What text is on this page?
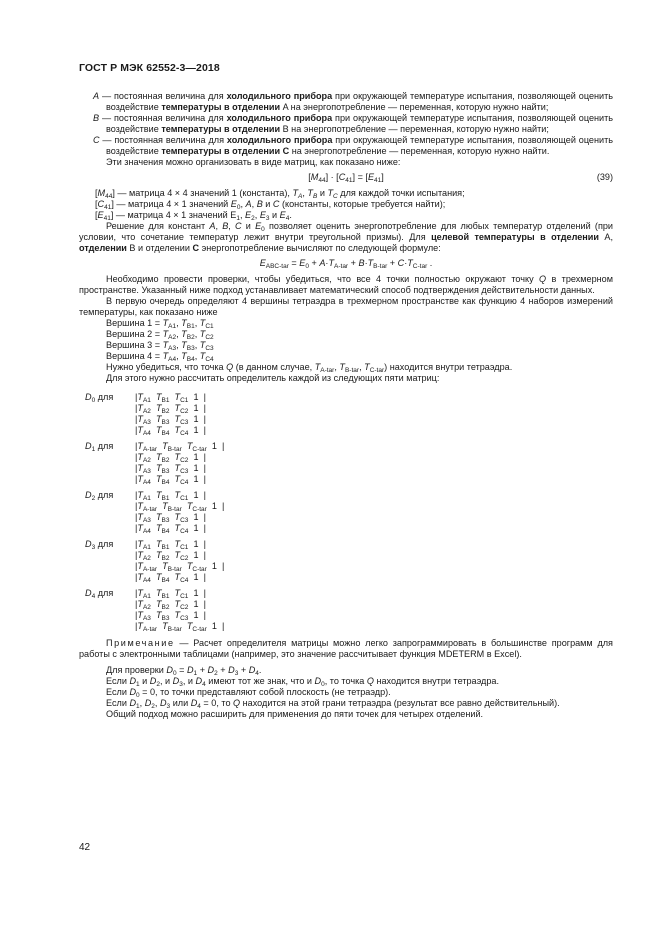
ГОСТ Р МЭК 62552-3—2018

A — постоянная величина для холодильного прибора при окружающей температуре испытания, позволяющей оценить воздействие температуры в отделении A на энергопотребление — переменная, которую нужно найти;

B — постоянная величина для холодильного прибора при окружающей температуре испытания, позволяющей оценить воздействие температуры в отделении B на энергопотребление — переменная, которую нужно найти;

C — постоянная величина для холодильного прибора при окружающей температуре испытания, позволяющей оценить воздействие температуры в отделении C на энергопотребление — переменная, которую нужно найти.

Эти значения можно организовать в виде матриц, как показано ниже:

$[M_{44}] \cdot [C_{41}] = [E_{41}]$	(39)
$[M_{44}]$ — матрица 4 × 4 значений 1 (константа), $T_A$, $T_B$ и $T_C$ для каждой точки испытания;
$[C_{41}]$ — матрица 4 × 1 значений $E_0$, A, B и C (константы, которые требуется найти);
$[E_{41}]$ — матрица 4 × 1 значений $E_1$, $E_2$, $E_3$ и $E_4$.

Решение для констант A, B, C и $E_0$ позволяет оценить энергопотребление для любых температур отделений (при условии, что сочетание температур лежит внутри треугольной призмы). Для целевой температуры в отделении A, отделении B и отделении C энергопотребление вычисляют по следующей формуле:

$E_{ABC-tar} = E_0 + A\cdot T_{A-tar} + B\cdot T_{B-tar} + C\cdot T_{C-tar}$ .

Необходимо провести проверки, чтобы убедиться, что все 4 точки полностью окружают точку Q в трехмерном пространстве. Указанный ниже подход устанавливает математический способ подтверждения действительности данных.

В первую очередь определяют 4 вершины тетраэдра в трехмерном пространстве как функцию 4 наборов измерений температуры, как показано ниже

Вершина $1 = T_{A1}$, $T_{B1}$, $T_{C1}$
Вершина $2 = T_{A2}$, $T_{B2}$, $T_{C2}$
Вершина $3 = T_{A3}$, $T_{B3}$, $T_{C3}$
Вершина $4 = T_{A4}$, $T_{B4}$, $T_{C4}$

Нужно убедиться, что точка Q (в данном случае, $T_{A-tar}$, $T_{B-tar}$, $T_{C-tar}$) находится внутри тетраэдра.

Для этого нужно рассчитать определитель каждой из следующих пяти матриц:

$D_0$ для	$|T_{A1}$ $T_{B1}$ $T_{C1}$  1  |
$|T_{A2}$ $T_{B2}$ $T_{C2}$  1  |
$|T_{A3}$ $T_{B3}$ $T_{C3}$  1  |
$|T_{A4}$ $T_{B4}$ $T_{C4}$  1  |
$D_1$ для	$|T_{A-tar}$ $T_{B-tar}$ $T_{C-tar}$  1  |
$|T_{A2}$ $T_{B2}$ $T_{C2}$  1  |
$|T_{A3}$ $T_{B3}$ $T_{C3}$  1  |
$|T_{A4}$ $T_{B4}$ $T_{C4}$  1  |
$D_2$ для	$|T_{A1}$ $T_{B1}$ $T_{C1}$  1  |
$|T_{A-tar}$ $T_{B-tar}$ $T_{C-tar}$  1  |
$|T_{A3}$ $T_{B3}$ $T_{C3}$  1  |
$|T_{A4}$ $T_{B4}$ $T_{C4}$  1  |
$D_3$ для	$|T_{A1}$ $T_{B1}$ $T_{C1}$  1  |
$|T_{A2}$ $T_{B2}$ $T_{C2}$  1  |
$|T_{A-tar}$ $T_{B-tar}$ $T_{C-tar}$  1  |
$|T_{A4}$ $T_{B4}$ $T_{C4}$  1  |
$D_4$ для	$|T_{A1}$ $T_{B1}$ $T_{C1}$  1  |
$|T_{A2}$ $T_{B2}$ $T_{C2}$  1  |
$|T_{A3}$ $T_{B3}$ $T_{C3}$  1  |
$|T_{A-tar}$ $T_{B-tar}$ $T_{C-tar}$  1  |

Примечание — Расчет определителя матрицы можно легко запрограммировать в большинстве программ для работы с электронными таблицами (например, это значение рассчитывает функция MDETERM в Excel).

Для проверки $D_0 = D_1 + D_2 + D_3 + D_4$.
Если $D_1$ и $D_2$, и $D_3$, и $D_4$ имеют тот же знак, что и $D_0$, то точка Q находится внутри тетраэдра.
Если $D_0 = 0$, то точки представляют собой плоскость (не тетраэдр).
Если $D_1$, $D_2$, $D_3$ или $D_4 = 0$, то Q находится на этой грани тетраэдра (результат все равно действительный).
Общий подход можно расширить для применения до пяти точек для четырех отделений.
42
